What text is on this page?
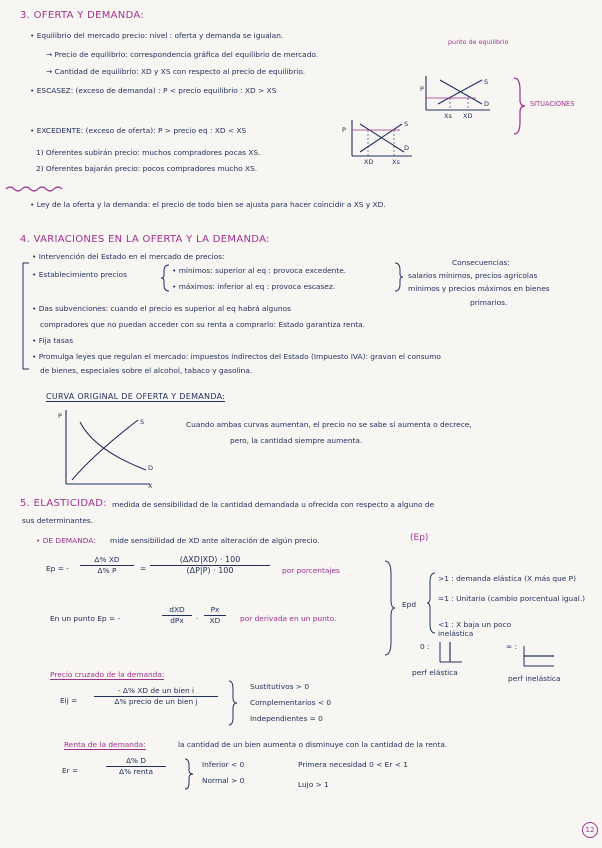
· · · · · · · · · · ·
3. OFERTA Y DEMANDA:
• Equilibrio del mercado precio: nivel : oferta y demanda se igualan.
punto de equilibrio
→ Precio de equilibrio: correspondencia gráfica del equilibrio de mercado.
→ Cantidad de equilibrio: XD y XS con respecto al precio de equilibrio.
• ESCASEZ: (exceso de demanda) : P < precio equilibrio : XD > XS	P
S
D
Xs XD
SITUACIONES
• EXCEDENTE: (exceso de oferta): P > precio eq : XD < XS	P
S
D
XD	Xs
1) Oferentes subirán precio: muchos compradores pocas XS.
2) Oferentes bajarán precio: pocos compradores mucho XS.
• Ley de la oferta y la demanda: el precio de todo bien se ajusta para hacer coincidir a XS y XD.
4. VARIACIONES EN LA OFERTA Y LA DEMANDA:
• Intervención del Estado en el mercado de precios:
• Establecimiento precios	• mínimos: superior al eq : provoca excedente.
• máximos: inferior al eq : provoca escasez.
Consecuencias:
salarios mínimos, precios agrícolas
mínimos y precios máximos en bienes
primarios.
• Das subvenciones: cuando el precio es superior al eq habrá algunos
compradores que no puedan acceder con su renta a comprarlo: Estado garantiza renta.
• Fija tasas
• Promulga leyes que regulan el mercado: impuestos indirectos del Estado (Impuesto IVA): gravan el consumo
de bienes, especiales sobre el alcohol, tabaco y gasolina.
CURVA ORIGINAL DE OFERTA Y DEMANDA:
P
S
D
X
Cuando ambas curvas aumentan, el precio no se sabe si aumenta o decrece,
pero, la cantidad siempre aumenta.
5. ELASTICIDAD: medida de sensibilidad de la cantidad demandada u ofrecida con respecto a alguno de
sus determinantes.
• DE DEMANDA: mide sensibilidad de XD ante alteración de algún precio.	(Ep)
Ep = - $\frac{\Delta\% XD}{\Delta\% P}$ =
(ΔXD|XD) · 100
(ΔP|P) · 100	por porcentajes
En un punto Ep = -
dXD
dPx	· $\frac{Px}{XD}$ por derivada en un punto.
Epd
>1 : demanda elástica (X más que P)
=1 : Unitaria (cambio porcentual igual.)
<1 : X baja un poco inelástica
0 :
perf elástica
∞ :
perf inelástica
Precio cruzado de la demanda:
Eij =
- Δ% XD de un bien i
Δ% precio de un bien j
Sustitutivos > 0
Complementarios < 0
Independientes = 0
Renta de la demanda:	la cantidad de un bien aumenta o disminuye con la cantidad de la renta.
Er =
Δ% D
Δ% renta
Inferior < 0
Normal > 0
Primera necesidad 0 < Er < 1
Lujo > 1
12
